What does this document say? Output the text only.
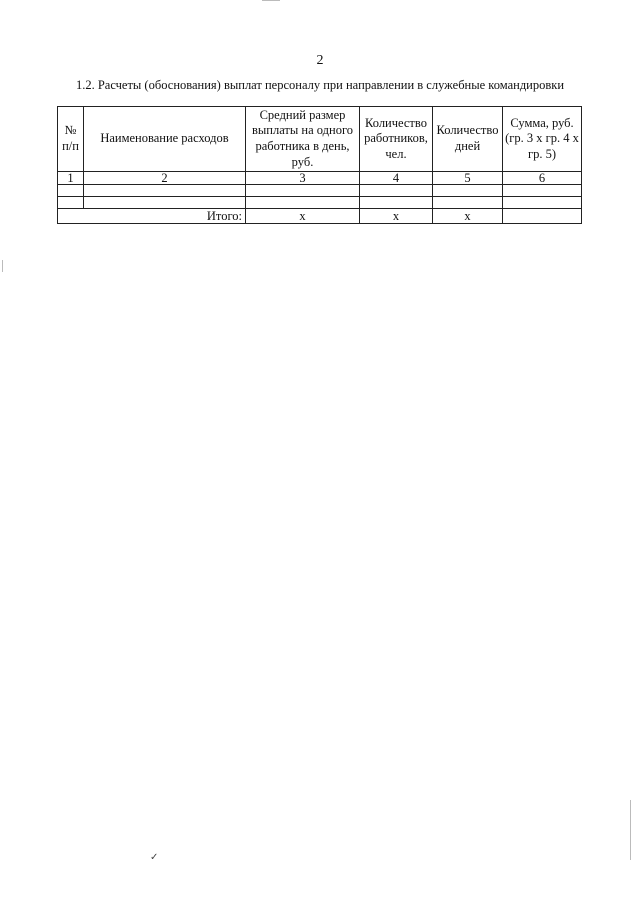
2
1.2. Расчеты (обоснования) выплат персоналу при направлении в служебные командировки
№ п/п	Наименование расходов	Средний размер выплаты на одного работника в день, руб.	Количество работников, чел.	Количество дней	Сумма, руб. (гр. 3 х гр. 4 х гр. 5)
1	2	3	4	5	6

Итого:		х	х	х	
✓
